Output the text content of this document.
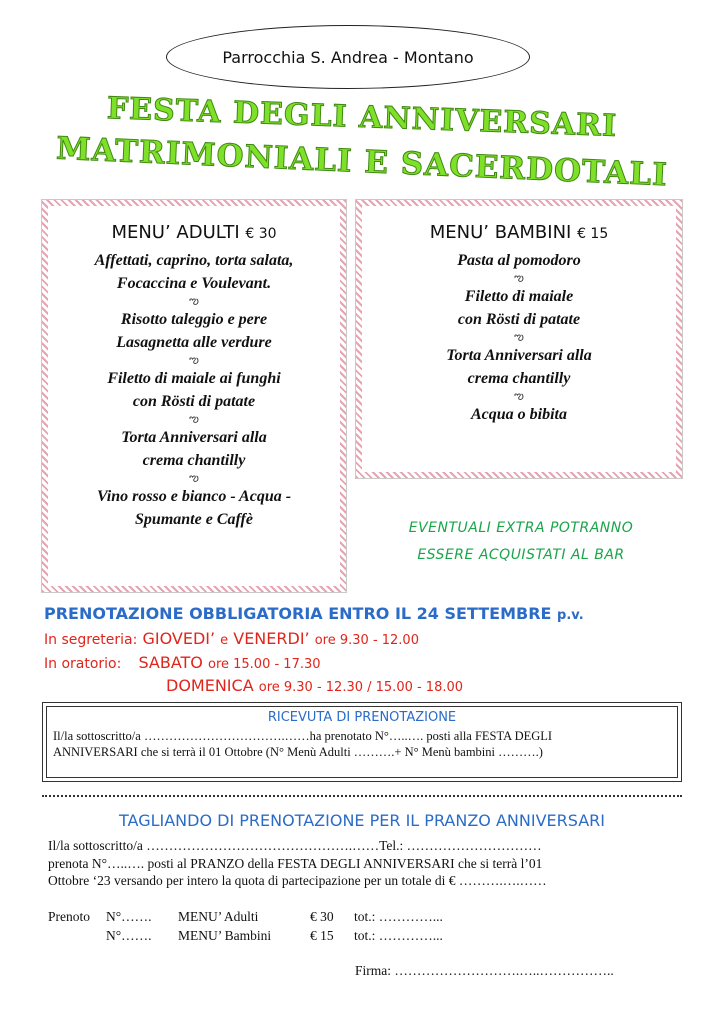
Parrocchia S. Andrea - Montano
FESTA DEGLI ANNIVERSARI
MATRIMONIALI E SACERDOTALI
MENU’ ADULTI € 30
Affettati, caprino, torta salata,
Focaccina e Voulevant.
ఌ
Risotto taleggio e pere
Lasagnetta alle verdure
ఌ
Filetto di maiale ai funghi
con Rösti di patate
ఌ
Torta Anniversari alla
crema chantilly
ఌ
Vino rosso e bianco - Acqua -
Spumante e Caffè
MENU’ BAMBINI € 15
Pasta al pomodoro
ఌ
Filetto di maiale
con Rösti di patate
ఌ
Torta Anniversari alla
crema chantilly
ఌ
Acqua o bibita
EVENTUALI EXTRA POTRANNO
ESSERE ACQUISTATI AL BAR
PRENOTAZIONE OBBLIGATORIA ENTRO IL 24 SETTEMBRE p.v.
In segreteria: GIOVEDI’ e VENERDI’ ore 9.30 - 12.00
In oratorio: SABATO ore 15.00 - 17.30
DOMENICA ore 9.30 - 12.30 / 15.00 - 18.00
RICEVUTA DI PRENOTAZIONE
Il/la sottoscritto/a …………………………….……ha prenotato N°…..…. posti alla FESTA DEGLI
ANNIVERSARI che si terrà il 01 Ottobre (N° Menù Adulti ……….+ N° Menù bambini ……….)
TAGLIANDO DI PRENOTAZIONE PER IL PRANZO ANNIVERSARI
Il/la sottoscritto/a ……………………………………….……Tel.: …………………………
prenota N°…..…. posti al PRANZO della FESTA DEGLI ANNIVERSARI che si terrà l’01
Ottobre ‘23 versando per intero la quota di partecipazione per un totale di € ……….….……
Prenoto N°……. MENU’ Adulti	€ 30 tot.: …………...
N°……. MENU’ Bambini	€ 15 tot.: …………...
Firma: ……………………….…..……………..
